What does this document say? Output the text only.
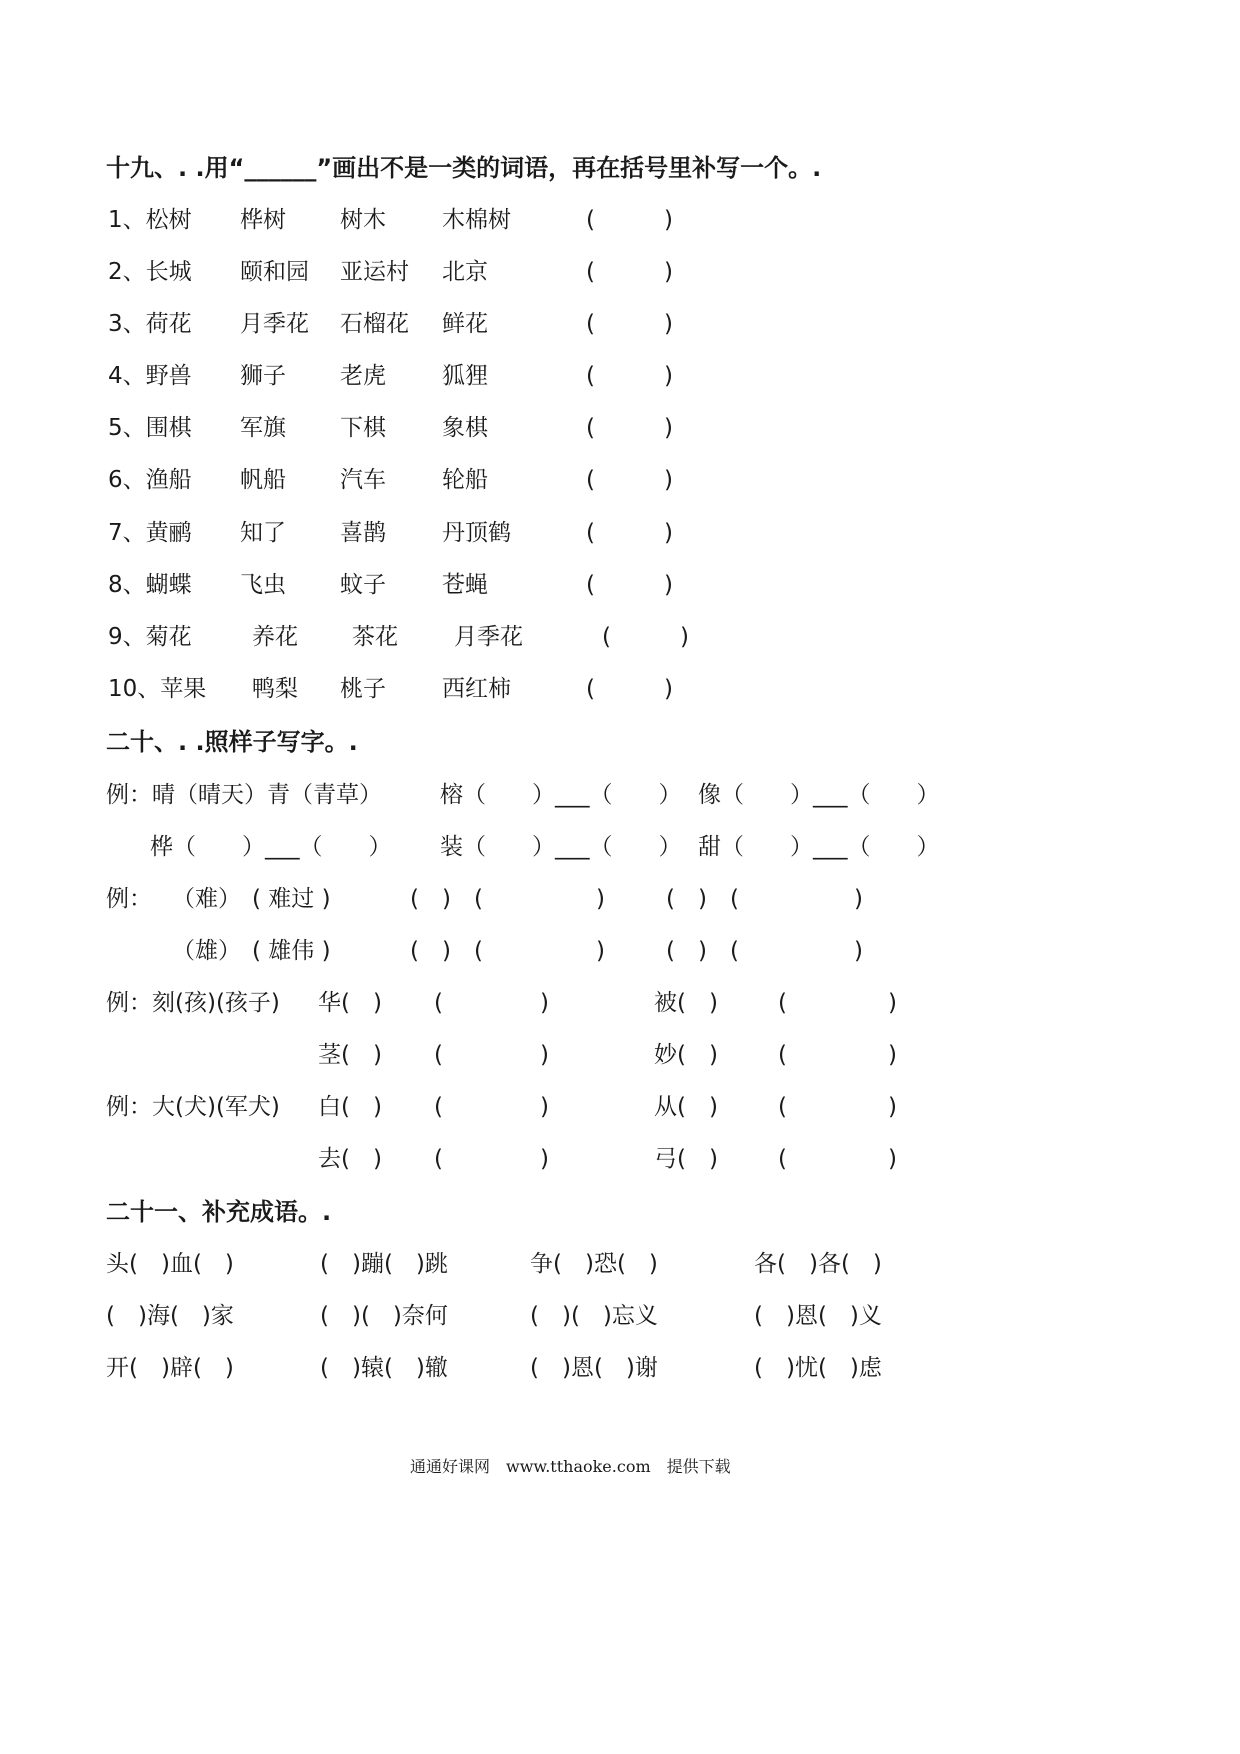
十九、. .用“______”画出不是一类的词语，再在括号里补写一个。.
1、松树 桦树 树木 木棉树	(	)
2、长城 颐和园 亚运村 北京	(	)
3、荷花 月季花 石榴花 鲜花	(	)
4、野兽 狮子 老虎 狐狸	(	)
5、围棋 军旗 下棋 象棋	(	)
6、渔船 帆船 汽车 轮船	(	)
7、黄鹂 知了 喜鹊 丹顶鹤	(	)
8、蝴蝶 飞虫 蚊子 苍蝇	(	)
9、菊花	养花 茶花 月季花	(	)
10、苹果 鸭梨 桃子 西红柿	(	)
二十、. .照样子写字。.
例：晴（晴天）青（青草）	榕（　　）___（　　） 像（　　）___（　　）
桦（　　）___（　　） 装（　　）___（　　） 甜（　　）___（　　）
例： （难） ( 难过 )	(　)　(	)	(　)　(	)
（雄） ( 雄伟 )	(　)　(	)	(　)　(	)
例：刻(孩)(孩子) 华(　) (	)	被(　)	(	)
茎(　) (	)	妙(　)	(	)
例：大(犬)(军犬) 白(　) (	)	从(　)	(	)
去(　) (	)	弓(　)	(	)
二十一、补充成语。.
头(　)血(　)	(　)蹦(　)跳	争(　)恐(　)	各(　)各(　)
(　)海(　)家	(　)(　)奈何	(　)(　)忘义	(　)恩(　)义
开(　)辟(　)	(　)辕(　)辙	(　)恩(　)谢	(　)忧(　)虑
通通好课网　www.tthaoke.com　提供下载
